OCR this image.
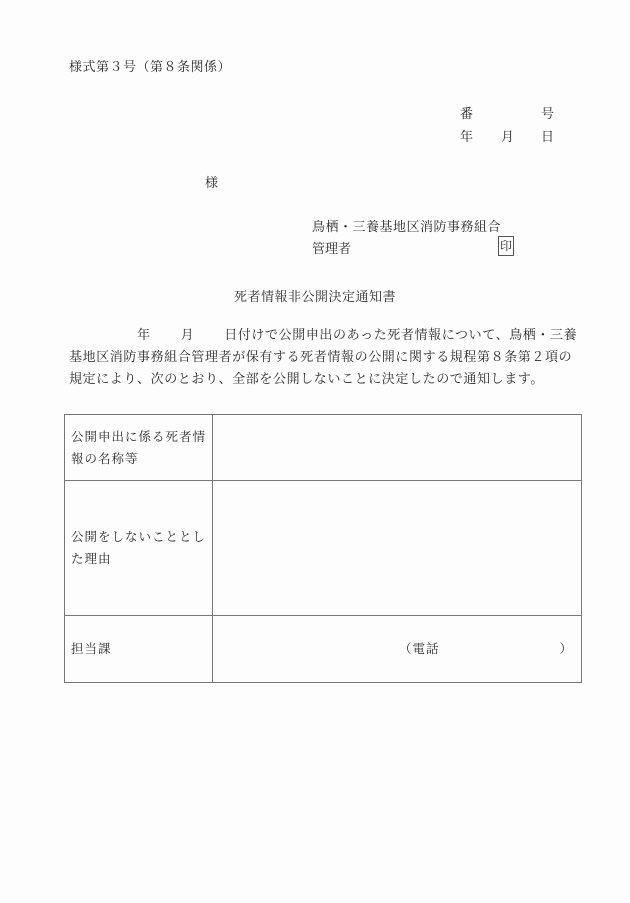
様式第３号（第８条関係）
番	号
年 月 日
様
鳥栖・三養基地区消防事務組合
管理者	印
死者情報非公開決定通知書
年 月 日付けで公開申出のあった死者情報について、鳥栖・三養
基地区消防事務組合管理者が保有する死者情報の公開に関する規程第８条第２項の
規定により、次のとおり、全部を公開しないことに決定したので通知します。
公開申出に係る死者情報の名称等	
公開をしないこととした理由	
担当課	（電話 ）
